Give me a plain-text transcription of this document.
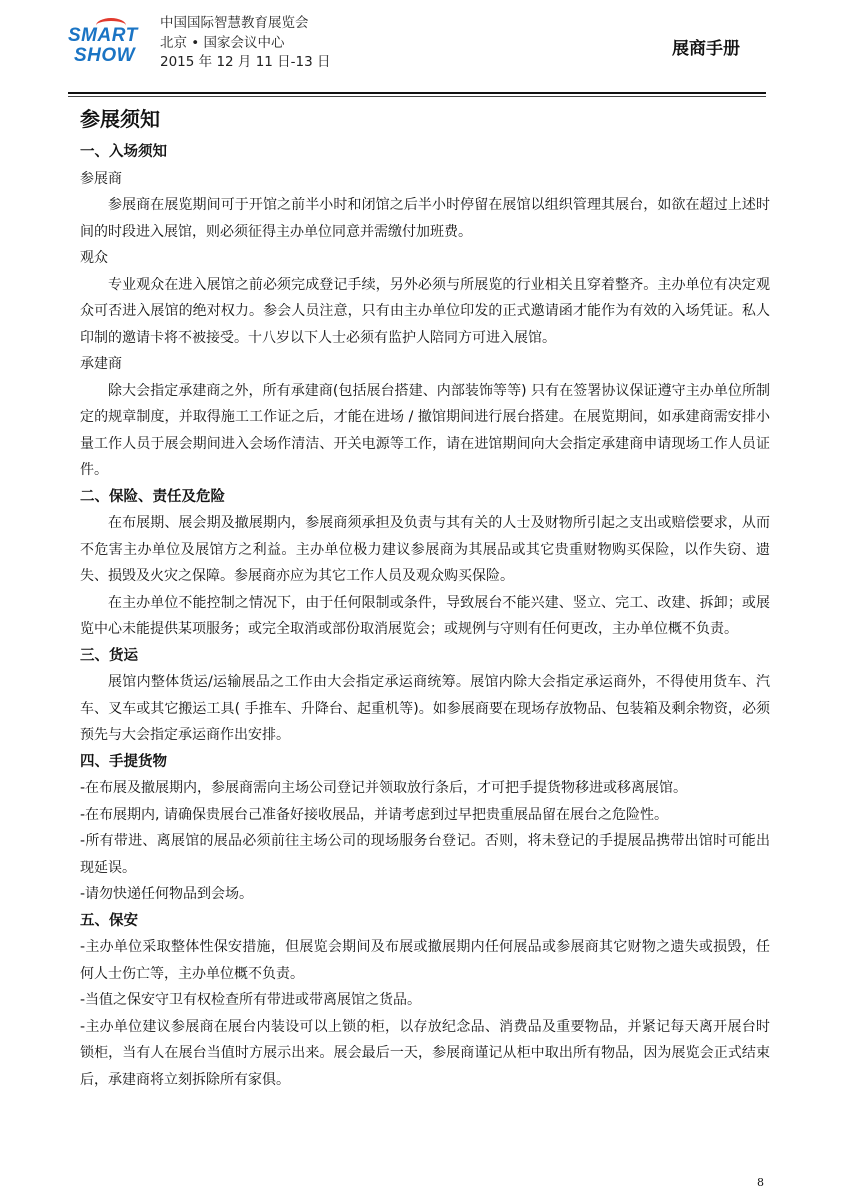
SMART
SHOW
中国国际智慧教育展览会
北京 • 国家会议中心
2015 年 12 月 11 日-13 日
展商手册
参展须知
一、入场须知
参展商
参展商在展览期间可于开馆之前半小时和闭馆之后半小时停留在展馆以组织管理其展台，如欲在超过上述时间的时段进入展馆，则必须征得主办单位同意并需缴付加班费。
观众
专业观众在进入展馆之前必须完成登记手续，另外必须与所展览的行业相关且穿着整齐。主办单位有决定观众可否进入展馆的绝对权力。参会人员注意，只有由主办单位印发的正式邀请函才能作为有效的入场凭证。私人印制的邀请卡将不被接受。十八岁以下人士必须有监护人陪同方可进入展馆。
承建商
除大会指定承建商之外，所有承建商(包括展台搭建、内部装饰等等) 只有在签署协议保证遵守主办单位所制定的规章制度，并取得施工工作证之后，才能在进场 / 撤馆期间进行展台搭建。在展览期间，如承建商需安排小量工作人员于展会期间进入会场作清洁、开关电源等工作，请在进馆期间向大会指定承建商申请现场工作人员证件。
二、保险、责任及危险
在布展期、展会期及撤展期内，参展商须承担及负责与其有关的人士及财物所引起之支出或赔偿要求，从而不危害主办单位及展馆方之利益。主办单位极力建议参展商为其展品或其它贵重财物购买保险，以作失窃、遗失、损毁及火灾之保障。参展商亦应为其它工作人员及观众购买保险。
在主办单位不能控制之情况下，由于任何限制或条件，导致展台不能兴建、竖立、完工、改建、拆卸；或展览中心未能提供某项服务；或完全取消或部份取消展览会；或规例与守则有任何更改，主办单位概不负责。
三、货运
展馆内整体货运/运输展品之工作由大会指定承运商统筹。展馆内除大会指定承运商外，不得使用货车、汽车、叉车或其它搬运工具( 手推车、升降台、起重机等)。如参展商要在现场存放物品、包装箱及剩余物资，必须预先与大会指定承运商作出安排。
四、手提货物
-在布展及撤展期内，参展商需向主场公司登记并领取放行条后，才可把手提货物移进或移离展馆。
-在布展期内, 请确保贵展台己准备好接收展品，并请考虑到过早把贵重展品留在展台之危险性。
-所有带进、离展馆的展品必须前往主场公司的现场服务台登记。否则，将未登记的手提展品携带出馆时可能出现延误。
-请勿快递任何物品到会场。
五、保安
-主办单位采取整体性保安措施，但展览会期间及布展或撤展期内任何展品或参展商其它财物之遗失或损毁，任何人士伤亡等，主办单位概不负责。
-当值之保安守卫有权检查所有带进或带离展馆之货品。
-主办单位建议参展商在展台内装设可以上锁的柜，以存放纪念品、消费品及重要物品，并紧记每天离开展台时锁柜，当有人在展台当值时方展示出来。展会最后一天，参展商谨记从柜中取出所有物品，因为展览会正式结束后，承建商将立刻拆除所有家俱。
8
